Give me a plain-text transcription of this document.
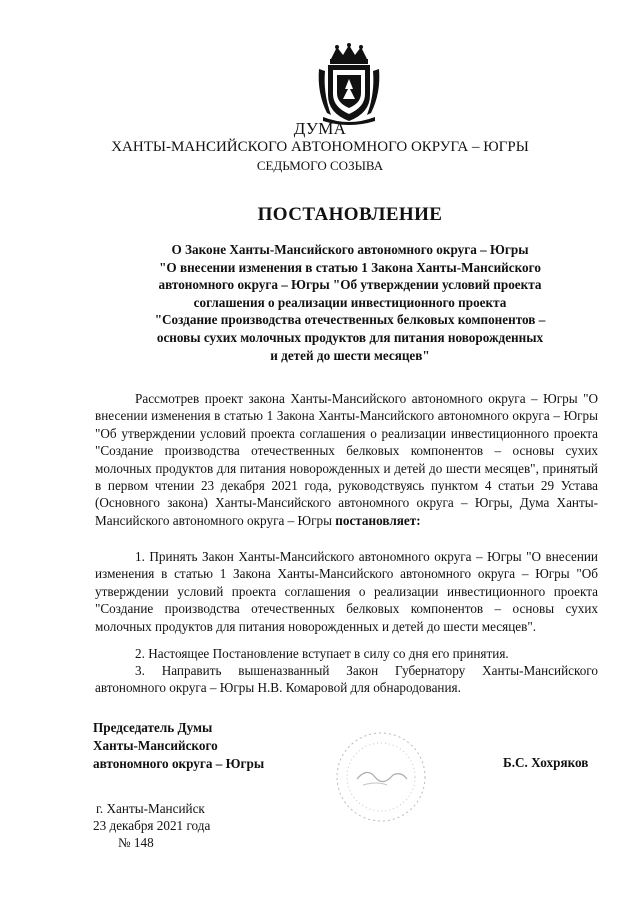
ДУМА
ХАНТЫ-МАНСИЙСКОГО АВТОНОМНОГО ОКРУГА – ЮГРЫ
СЕДЬМОГО СОЗЫВА
ПОСТАНОВЛЕНИЕ
О Законе Ханты-Мансийского автономного округа – Югры
"О внесении изменения в статью 1 Закона Ханты-Мансийского
автономного округа – Югры "Об утверждении условий проекта
соглашения о реализации инвестиционного проекта
"Создание производства отечественных белковых компонентов –
основы сухих молочных продуктов для питания новорожденных
и детей до шести месяцев"
Рассмотрев проект закона Ханты-Мансийского автономного округа – Югры "О внесении изменения в статью 1 Закона Ханты-Мансийского автономного округа – Югры "Об утверждении условий проекта соглашения о реализации инвестиционного проекта "Создание производства отечественных белковых компонентов – основы сухих молочных продуктов для питания новорожденных и детей до шести месяцев", принятый в первом чтении 23 декабря 2021 года, руководствуясь пунктом 4 статьи 29 Устава (Основного закона) Ханты-Мансийского автономного округа – Югры, Дума Ханты-Мансийского автономного округа – Югры постановляет:
1. Принять Закон Ханты-Мансийского автономного округа – Югры "О внесении изменения в статью 1 Закона Ханты-Мансийского автономного округа – Югры "Об утверждении условий проекта соглашения о реализации инвестиционного проекта "Создание производства отечественных белковых компонентов – основы сухих молочных продуктов для питания новорожденных и детей до шести месяцев".
2. Настоящее Постановление вступает в силу со дня его принятия.
3. Направить вышеназванный Закон Губернатору Ханты-Мансийского автономного округа – Югры Н.В. Комаровой для обнародования.
Председатель Думы
Ханты-Мансийского
автономного округа – Югры	Б.С. Хохряков
г. Ханты-Мансийск
23 декабря 2021 года
№ 148
